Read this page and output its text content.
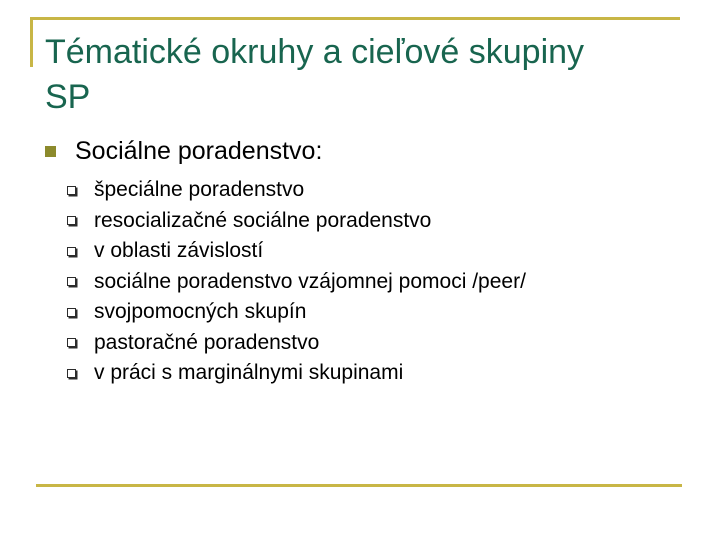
Tématické okruhy a cieľové skupiny
SP
Sociálne poradenstvo:
špeciálne poradenstvo
resocializačné sociálne poradenstvo
v oblasti závislostí
sociálne poradenstvo vzájomnej pomoci /peer/
svojpomocných skupín
pastoračné poradenstvo
v práci s marginálnymi skupinami
